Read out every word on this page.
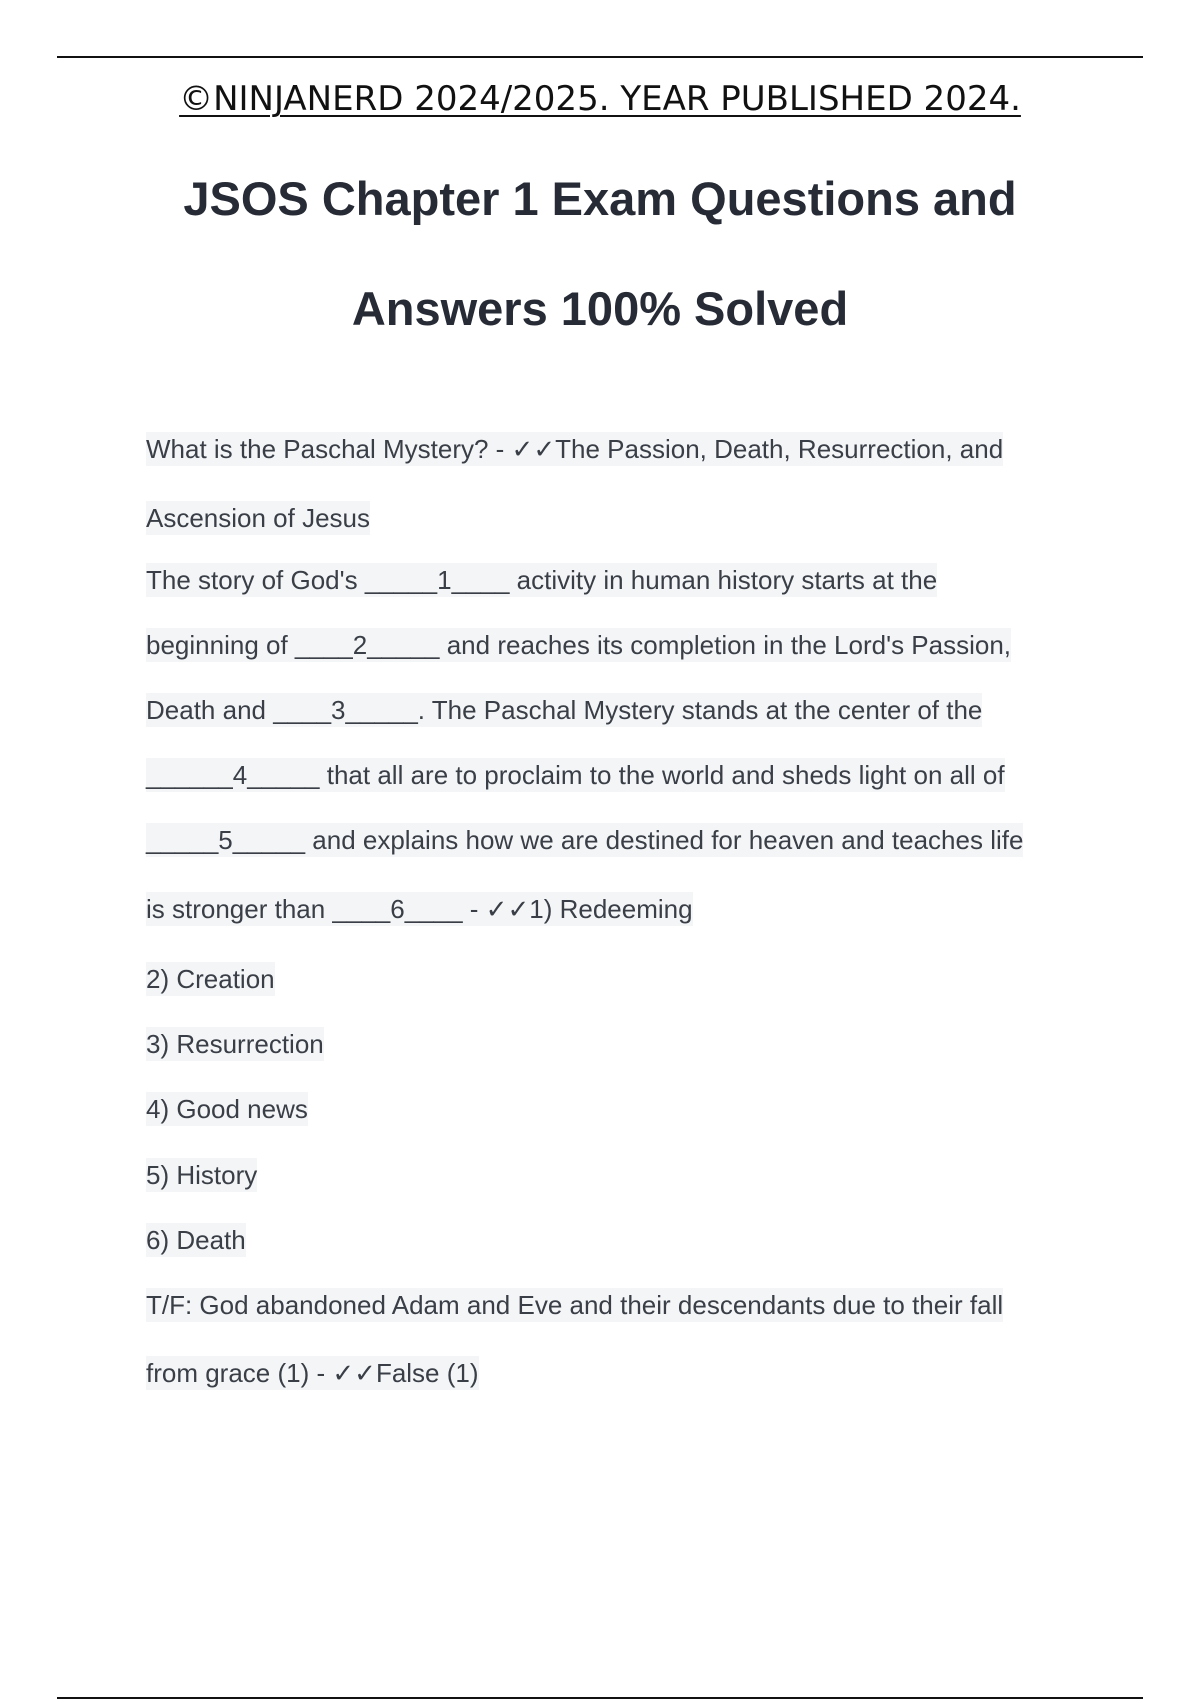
©NINJANERD 2024/2025. YEAR PUBLISHED 2024.
JSOS Chapter 1 Exam Questions and
Answers 100% Solved
What is the Paschal Mystery? - ✓✓The Passion, Death, Resurrection, and
Ascension of Jesus
The story of God's _____1____ activity in human history starts at the
beginning of ____2_____ and reaches its completion in the Lord's Passion,
Death and ____3_____. The Paschal Mystery stands at the center of the
______4_____ that all are to proclaim to the world and sheds light on all of
_____5_____ and explains how we are destined for heaven and teaches life
is stronger than ____6____ - ✓✓1) Redeeming
2) Creation
3) Resurrection
4) Good news
5) History
6) Death
T/F: God abandoned Adam and Eve and their descendants due to their fall
from grace (1) - ✓✓False (1)
